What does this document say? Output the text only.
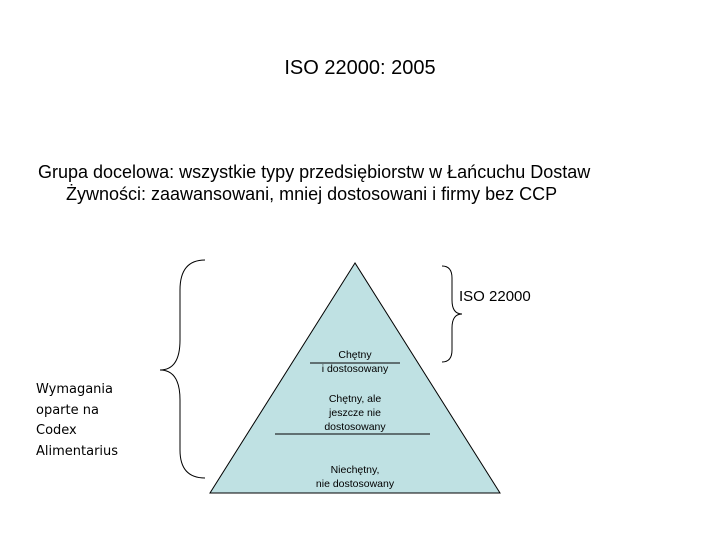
ISO 22000: 2005
Grupa docelowa: wszystkie typy przedsiębiorstw w Łańcuchu Dostaw
Żywności: zaawansowani, mniej dostosowani i firmy bez CCP
ISO 22000
Wymagania
oparte na
Codex
Alimentarius
Chętny
i dostosowany
Chętny, ale
jeszcze nie
dostosowany
Niechętny,
nie dostosowany
